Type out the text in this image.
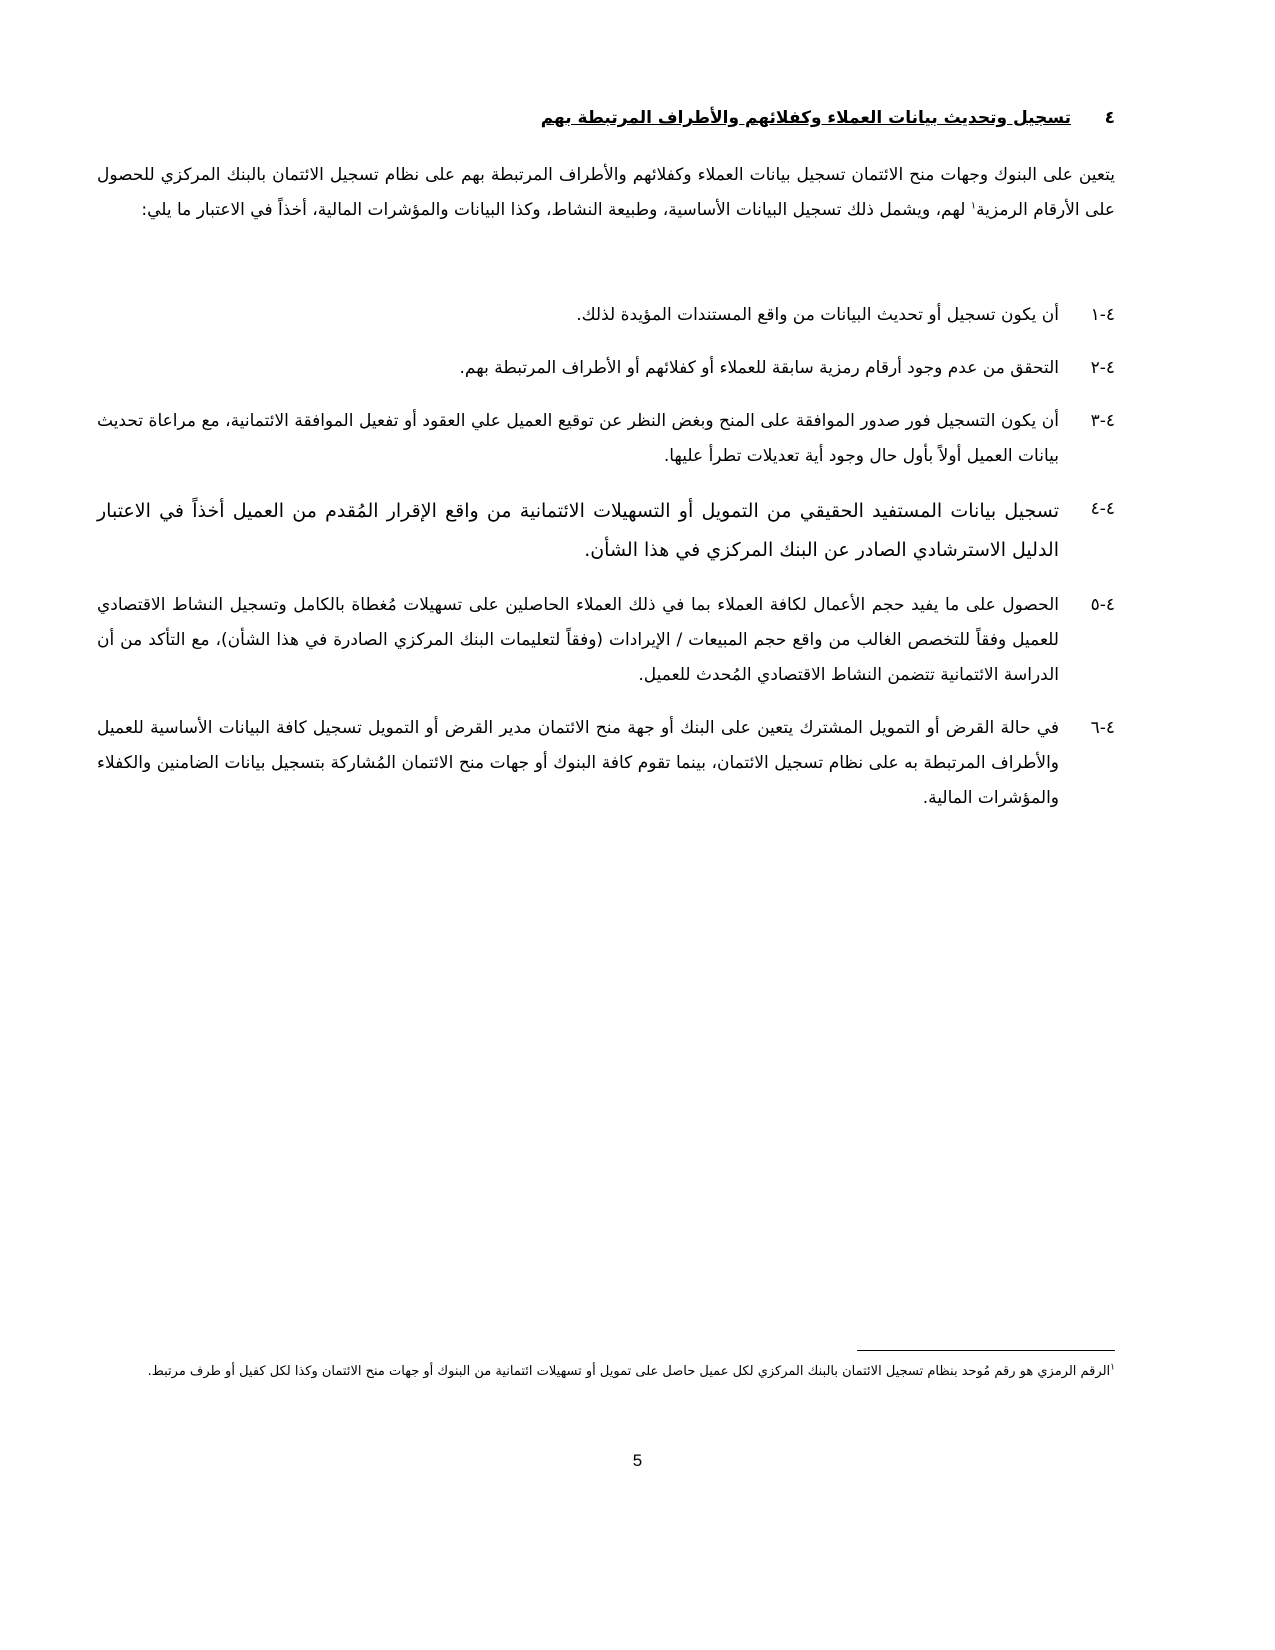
٤
تسجيل وتحديث بيانات العملاء وكفلائهم والأطراف المرتبطة بهم

يتعين على البنوك وجهات منح الائتمان تسجيل بيانات العملاء وكفلائهم والأطراف المرتبطة بهم على نظام تسجيل الائتمان بالبنك المركزي للحصول على الأرقام الرمزية$^١$ لهم، ويشمل ذلك تسجيل البيانات الأساسية، وطبيعة النشاط، وكذا البيانات والمؤشرات المالية، أخذاً في الاعتبار ما يلي:

٤-١
أن يكون تسجيل أو تحديث البيانات من واقع المستندات المؤيدة لذلك.
٤-٢
التحقق من عدم وجود أرقام رمزية سابقة للعملاء أو كفلائهم أو الأطراف المرتبطة بهم.
٤-٣
أن يكون التسجيل فور صدور الموافقة على المنح وبغض النظر عن توقيع العميل علي العقود أو تفعيل الموافقة الائتمانية، مع مراعاة تحديث بيانات العميل أولاً بأول حال وجود أية تعديلات تطرأ عليها.
٤-٤
تسجيل بيانات المستفيد الحقيقي من التمويل أو التسهيلات الائتمانية من واقع الإقرار المُقدم من العميل أخذاً في الاعتبار الدليل الاسترشادي الصادر عن البنك المركزي في هذا الشأن.
٤-٥
الحصول على ما يفيد حجم الأعمال لكافة العملاء بما في ذلك العملاء الحاصلين على تسهيلات مُغطاة بالكامل وتسجيل النشاط الاقتصادي للعميل وفقاً للتخصص الغالب من واقع حجم المبيعات / الإيرادات (وفقاً لتعليمات البنك المركزي الصادرة في هذا الشأن)، مع التأكد من أن الدراسة الائتمانية تتضمن النشاط الاقتصادي المُحدث للعميل.
٤-٦
في حالة القرض أو التمويل المشترك يتعين على البنك أو جهة منح الائتمان مدير القرض أو التمويل تسجيل كافة البيانات الأساسية للعميل والأطراف المرتبطة به على نظام تسجيل الائتمان، بينما تقوم كافة البنوك أو جهات منح الائتمان المُشاركة بتسجيل بيانات الضامنين والكفلاء والمؤشرات المالية.

$^١$الرقم الرمزي هو رقم مُوحد بنظام تسجيل الائتمان بالبنك المركزي لكل عميل حاصل على تمويل أو تسهيلات ائتمانية من البنوك أو جهات منح الائتمان وكذا لكل كفيل أو طرف مرتبط.

5
